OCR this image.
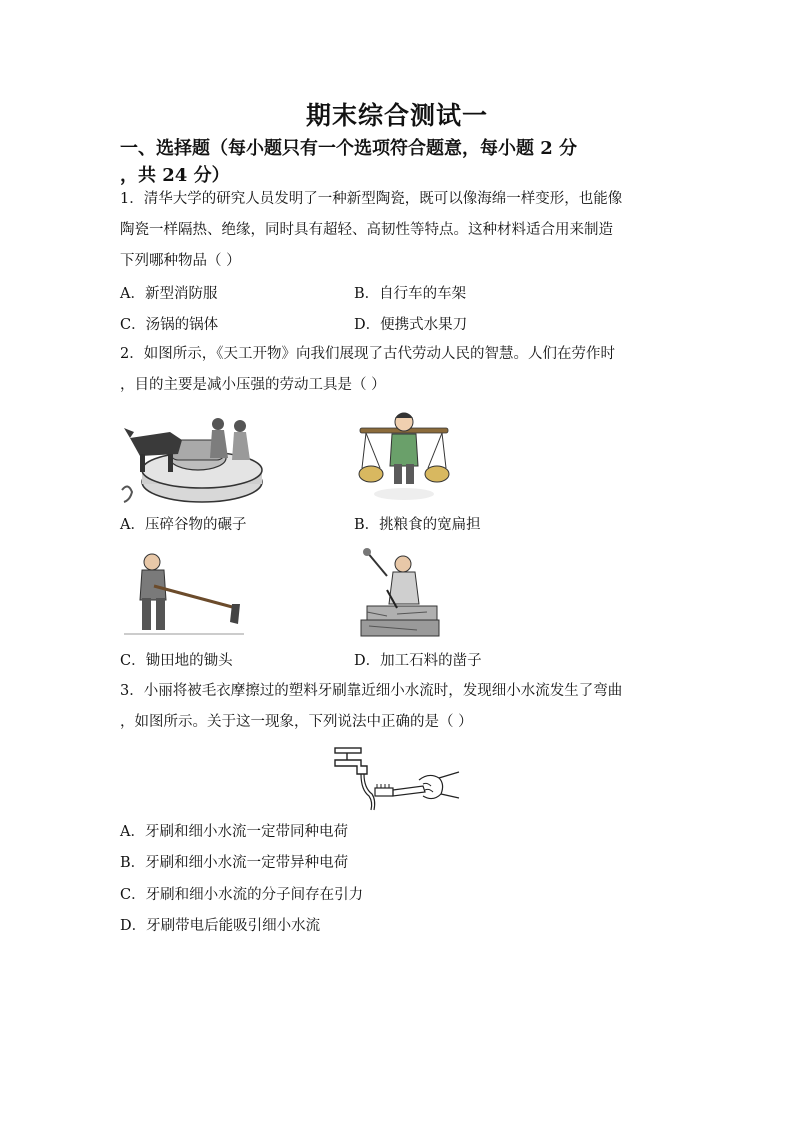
期末综合测试一
一、选择题（每小题只有一个选项符合题意，每小题 2 分
，共 24 分）
1．清华大学的研究人员发明了一种新型陶瓷，既可以像海绵一样变形，也能像
陶瓷一样隔热、绝缘，同时具有超轻、高韧性等特点。这种材料适合用来制造
下列哪种物品（ ）
A．新型消防服	B．自行车的车架
C．汤锅的锅体	D．便携式水果刀
2．如图所示，《天工开物》向我们展现了古代劳动人民的智慧。人们在劳作时
，目的主要是减小压强的劳动工具是（ ）
A．压碎谷物的碾子	B．挑粮食的宽扁担
C．锄田地的锄头	D．加工石料的凿子
3．小丽将被毛衣摩擦过的塑料牙刷靠近细小水流时，发现细小水流发生了弯曲
，如图所示。关于这一现象，下列说法中正确的是（ ）
A．牙刷和细小水流一定带同种电荷
B．牙刷和细小水流一定带异种电荷
C．牙刷和细小水流的分子间存在引力
D．牙刷带电后能吸引细小水流
